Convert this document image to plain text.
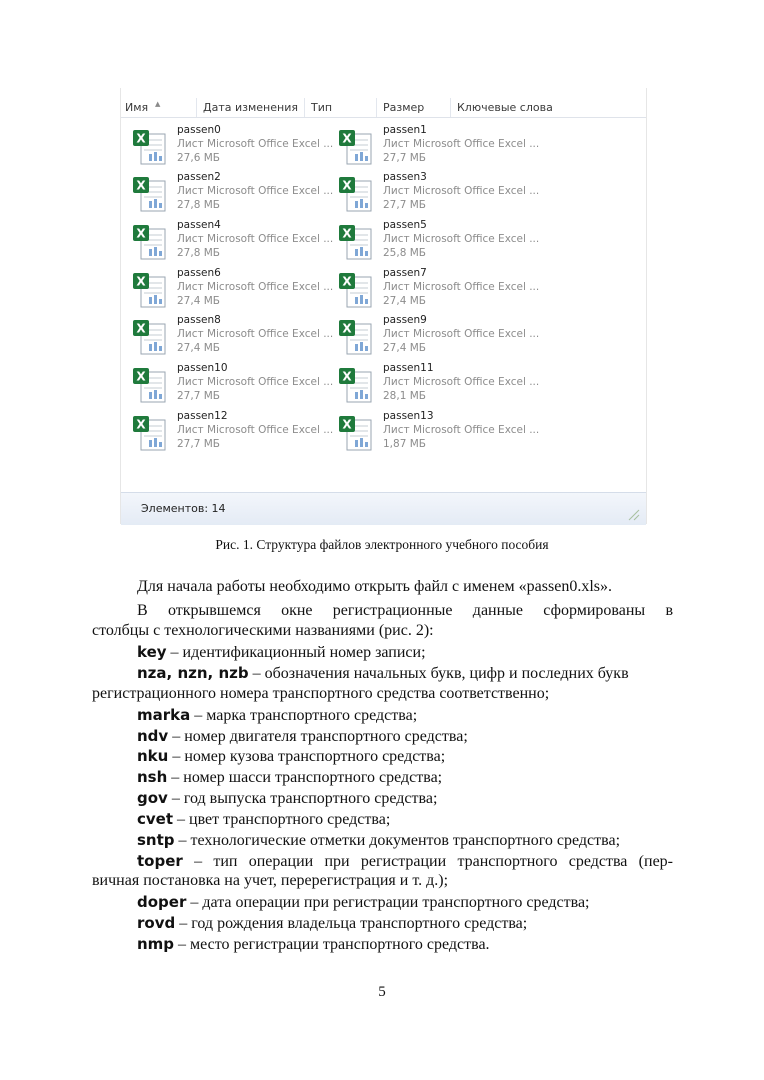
▲
Имя	Дата изменения	Тип	Размер	Ключевые слова
X
passen0
Лист Microsoft Office Excel ...
27,6 МБ
X
passen1
Лист Microsoft Office Excel ...
27,7 МБ
X
passen2
Лист Microsoft Office Excel ...
27,8 МБ
X
passen3
Лист Microsoft Office Excel ...
27,7 МБ
X
passen4
Лист Microsoft Office Excel ...
27,8 МБ
X
passen5
Лист Microsoft Office Excel ...
25,8 МБ
X
passen6
Лист Microsoft Office Excel ...
27,4 МБ
X
passen7
Лист Microsoft Office Excel ...
27,4 МБ
X
passen8
Лист Microsoft Office Excel ...
27,4 МБ
X
passen9
Лист Microsoft Office Excel ...
27,4 МБ
X
passen10
Лист Microsoft Office Excel ...
27,7 МБ
X
passen11
Лист Microsoft Office Excel ...
28,1 МБ
X
passen12
Лист Microsoft Office Excel ...
27,7 МБ
X
passen13
Лист Microsoft Office Excel ...
1,87 МБ
Элементов: 14
Рис. 1. Структура файлов электронного учебного пособия
Для начала работы необходимо открыть файл с именем «passen0.xls».
В открывшемся окне регистрационные данные сформированы в
столбцы с технологическими названиями (рис. 2):
key – идентификационный номер записи;
nza, nzn, nzb – обозначения начальных букв, цифр и последних букв
регистрационного номера транспортного средства соответственно;
marka – марка транспортного средства;
ndv – номер двигателя транспортного средства;
nku – номер кузова транспортного средства;
nsh – номер шасси транспортного средства;
gov – год выпуска транспортного средства;
cvet – цвет транспортного средства;
sntp – технологические отметки документов транспортного средства;
toper – тип операции при регистрации транспортного средства (пер-
вичная постановка на учет, перерегистрация и т. д.);
doper – дата операции при регистрации транспортного средства;
rovd – год рождения владельца транспортного средства;
nmp – место регистрации транспортного средства.
5
